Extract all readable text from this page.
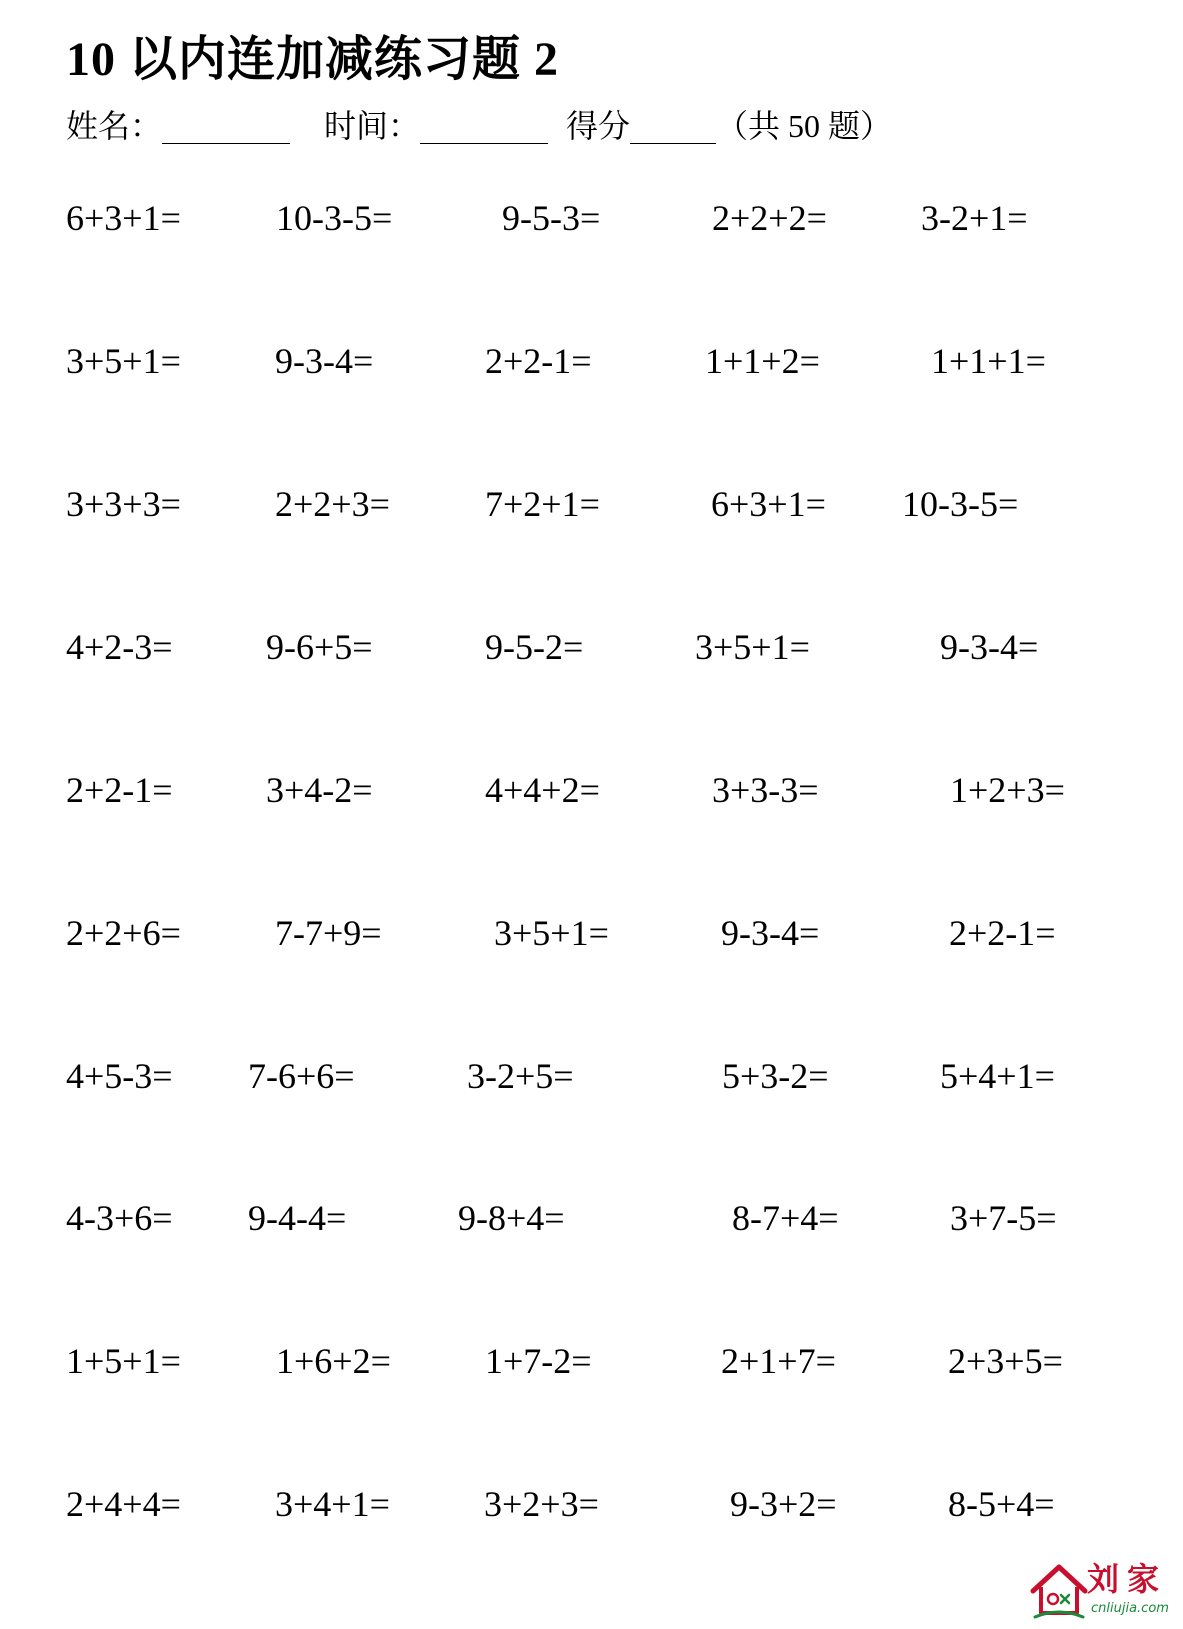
10 以内连加减练习题 2
姓名：	时间：	得分	（共 50 题）
6+3+1=	10-3-5=	9-5-3=	2+2+2=	3-2+1=
3+5+1=	9-3-4=	2+2-1=	1+1+2=	1+1+1=
3+3+3=	2+2+3=	7+2+1=	6+3+1= 10-3-5=
4+2-3=	9-6+5=	9-5-2=	3+5+1=	9-3-4=
2+2-1=	3+4-2=	4+4+2=	3+3-3=	1+2+3=
2+2+6=	7-7+9=	3+5+1=	9-3-4=	2+2-1=
4+5-3= 7-6+6=	3-2+5=	5+3-2=	5+4+1=
4-3+6= 9-4-4=	9-8+4=	8-7+4=	3+7-5=
1+5+1=	1+6+2=	1+7-2=	2+1+7=	2+3+5=
2+4+4=	3+4+1=	3+2+3=	9-3+2=	8-5+4=
刘家
cnliujia.com
